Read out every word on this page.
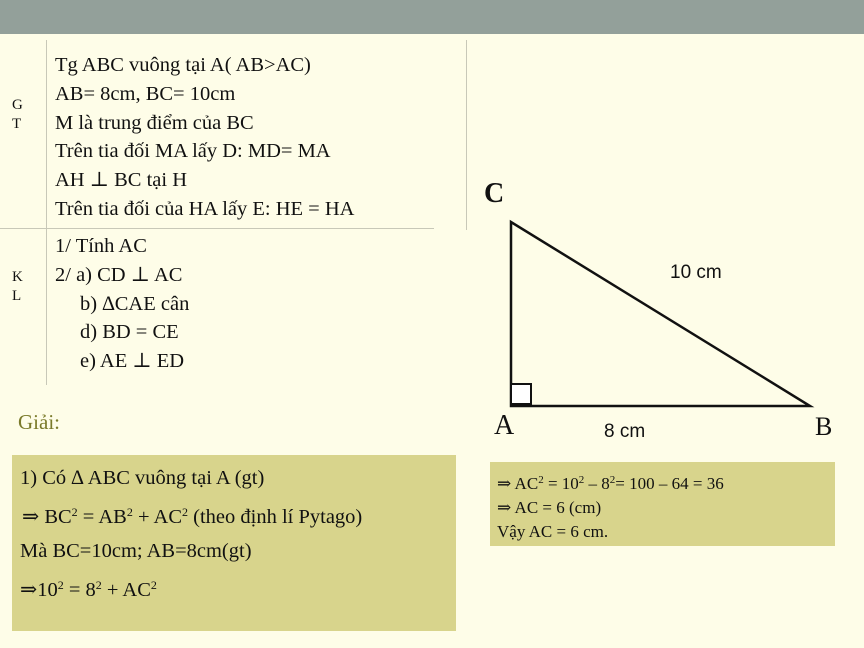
G
T
K
L
Tg ABC vuông tại A( AB>AC)
AB= 8cm, BC= 10cm
M là trung điểm của BC
Trên tia đối MA lấy D: MD= MA
AH ⊥ BC tại H
Trên tia đối của HA lấy E: HE = HA
1/ Tính AC
2/ a) CD ⊥ AC
b) ∆CAE cân
d) BD = CE
e) AE ⊥ ED
Giải:
1) Có ∆ ABC vuông tại A (gt)
⇒ $BC^2 = AB^2 + AC^2$ (theo định lí Pytago)
Mà BC=10cm; AB=8cm(gt)
$\Rightarrow 10^2 = 8^2 + AC^2$
⇒ $AC^2 = 10^2 - 8^2= 100 - 64 = 36$
⇒ AC = 6 (cm)
Vậy AC = 6 cm.
C
A	B
10 cm
8 cm
